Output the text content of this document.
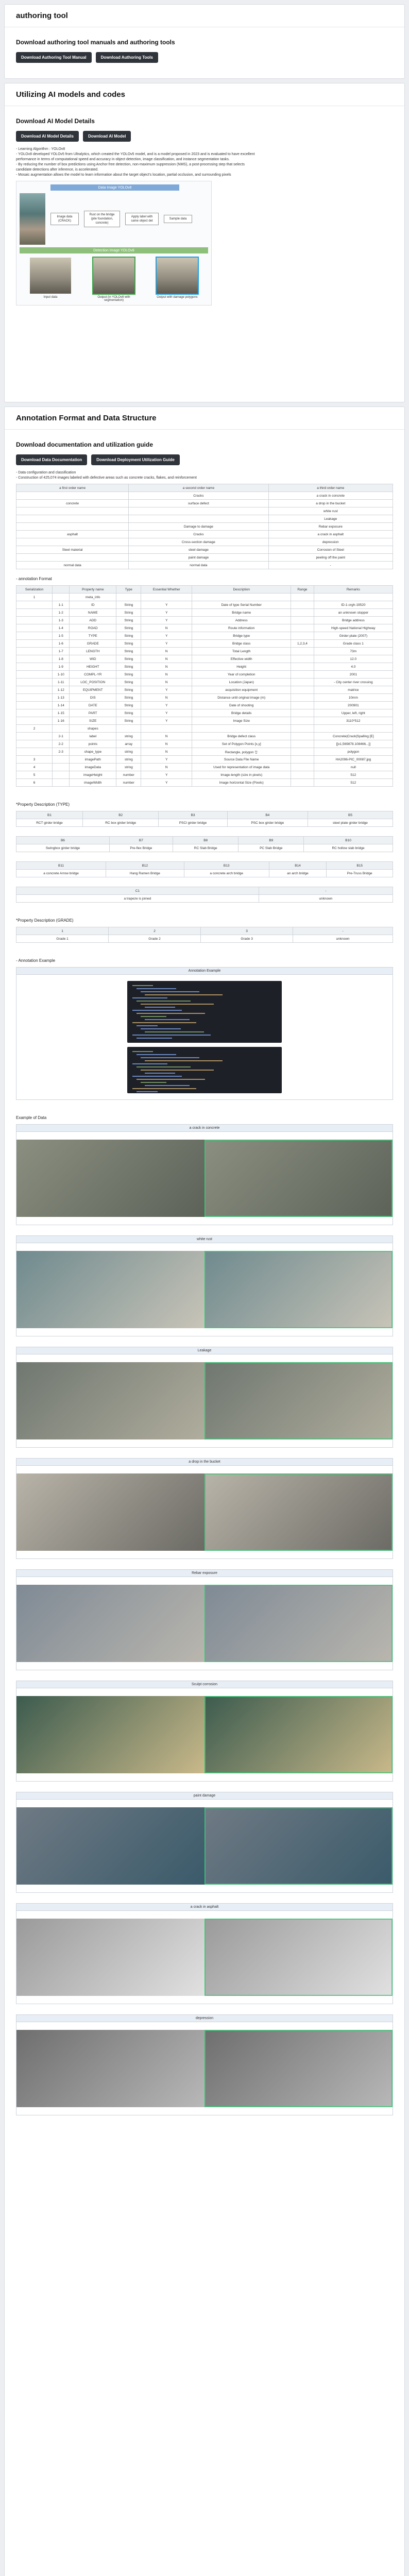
authoring tool
Download authoring tool manuals and authoring tools
Download Authoring Tool Manual	Download Authoring Tools
Utilizing AI models and codes
Download AI Model Details
Download AI Model Details	Download AI Model
- Learning Algorithm : YOLOv8
- YOLOv8 developed YOLOv5 from Ultralytics, which created the YOLOv5 model, and is a model proposed in 2023 and is evaluated to have excellent
performance in terms of computational speed and accuracy in object detection, image classification, and instance segmentation tasks.
- By reducing the number of box predictions using Anchor free detection, non-maximum suppression (NMS), a post-processing step that selects
candidate detections after inference, is accelerated.
- Mosaic augmentation allows the model to learn information about the target object's location, partial occlusion, and surrounding pixels
Data Image YOLOv8
Image data (CRACK)
Rust on the bridge (pile foundation, concrete)
Apply label with same object det
Sample data
Detection Image YOLOv8
Input data	Output (in YOLOv8 with segmentation)
Output with damage polygons
Annotation Format and Data Structure
Download documentation and utilization guide
Download Data Documentation	Download Deployment Utilization Guide
- Data configuration and classification
- Construction of 425,074 images labeled with defective areas such as concrete cracks, flakes, and reinforcement
a first order name	a second order name	a third order name
	Cracks	a crack in concrete
concrete	surface defect	a drop in the bucket
		white rust
		Leakage
	Damage to damage	Rebar exposure
asphalt	Cracks	a crack in asphalt
	Cross-section damage	depression
Steel material	steel damage	Corrosion of Steel
	paint damage	peeling off the paint
normal data	normal data	-
- annotation Format
Serialization		Property name	Type	Essential Whether	Description	Range	Remarks
1		meta_info					
	1-1	ID	String	Y	Date of type Serial Number		ID-1-crgh-19520
	1-2	NAME	String	Y	Bridge name		an unknown stopper
	1-3	ADD	String	Y	Address		Bridge address
	1-4	ROAD	String	N	Route information		High-speed National Highway
	1-5	TYPE	String	Y	Bridge type		Girder plate (2007)
	1-6	GRADE	String	Y	Bridge class	1,2,3,4	Grade class 1
	1-7	LENGTH	String	N	Total Length		73m
	1-8	WID	String	N	Effective width		12.0
	1-9	HEIGHT	String	N	Height		4.0
	1-10	COMPL-YR	String	N	Year of completion		2001
	1-11	LOC_POSITION	String	N	Location (Japan)		- City center river crossing
	1-12	EQUIPMENT	String	Y	acquisition equipment		matrice
	1-13	DIS	String	N	Distance until original image (m)		10mm
	1-14	DATE	String	Y	Date of shooting		200901
	1-15	PART	String	Y	Bridge details		Upper, left, right
	1-16	SIZE	String	Y	Image Size		3110*512
2		shapes					
	2-1	label	string	N	Bridge defect class		Concrete|Crack|Spalling [E]
	2-2	points	array	N	Set of Polygon Points [x,y]		[[x1,569878.108466...]]
	2-3	shape_type	string	N	Rectangle, polygon 등		polygon
3		imagePath	string	Y	Source Data File Name		HA2096-PIC_00087.jpg
4		imageData	string	N	Used for representation of image data		null
5		imageHeight	number	Y	Image-length (size in pixels)		512
6		imageWidth	number	Y	Image horizontal Size (Pixels)		512
*Property Description (TYPE)
B1	B2	B3	B4	B5
RCT girder bridge	RC box girder bridge	PSCI girder bridge	PSC box girder bridge	steel plate girder bridge
B6	B7	B8	B9	B10
Swingbox girder bridge	Pre-flex Bridge	RC Slab Bridge	PC Slab Bridge	RC hollow slab bridge
B11	B12	B13	B14	B15
a concrete Arrow bridge	Hang Ramen Bridge	a concrete arch bridge	an arch bridge	Pre-Truss Bridge
C1	-
a trapeze is joined	unknown
*Property Description (GRADE)
1	2	3	-
Grade 1	Grade 2	Grade 3	unknown
- Annotation Example
Annotation Example
Example of Data
a crack in concrete
white rust
Leakage
a drop in the bucket
Rebar exposure
Sculpt corrosion
paint damage
a crack in asphalt
depression
